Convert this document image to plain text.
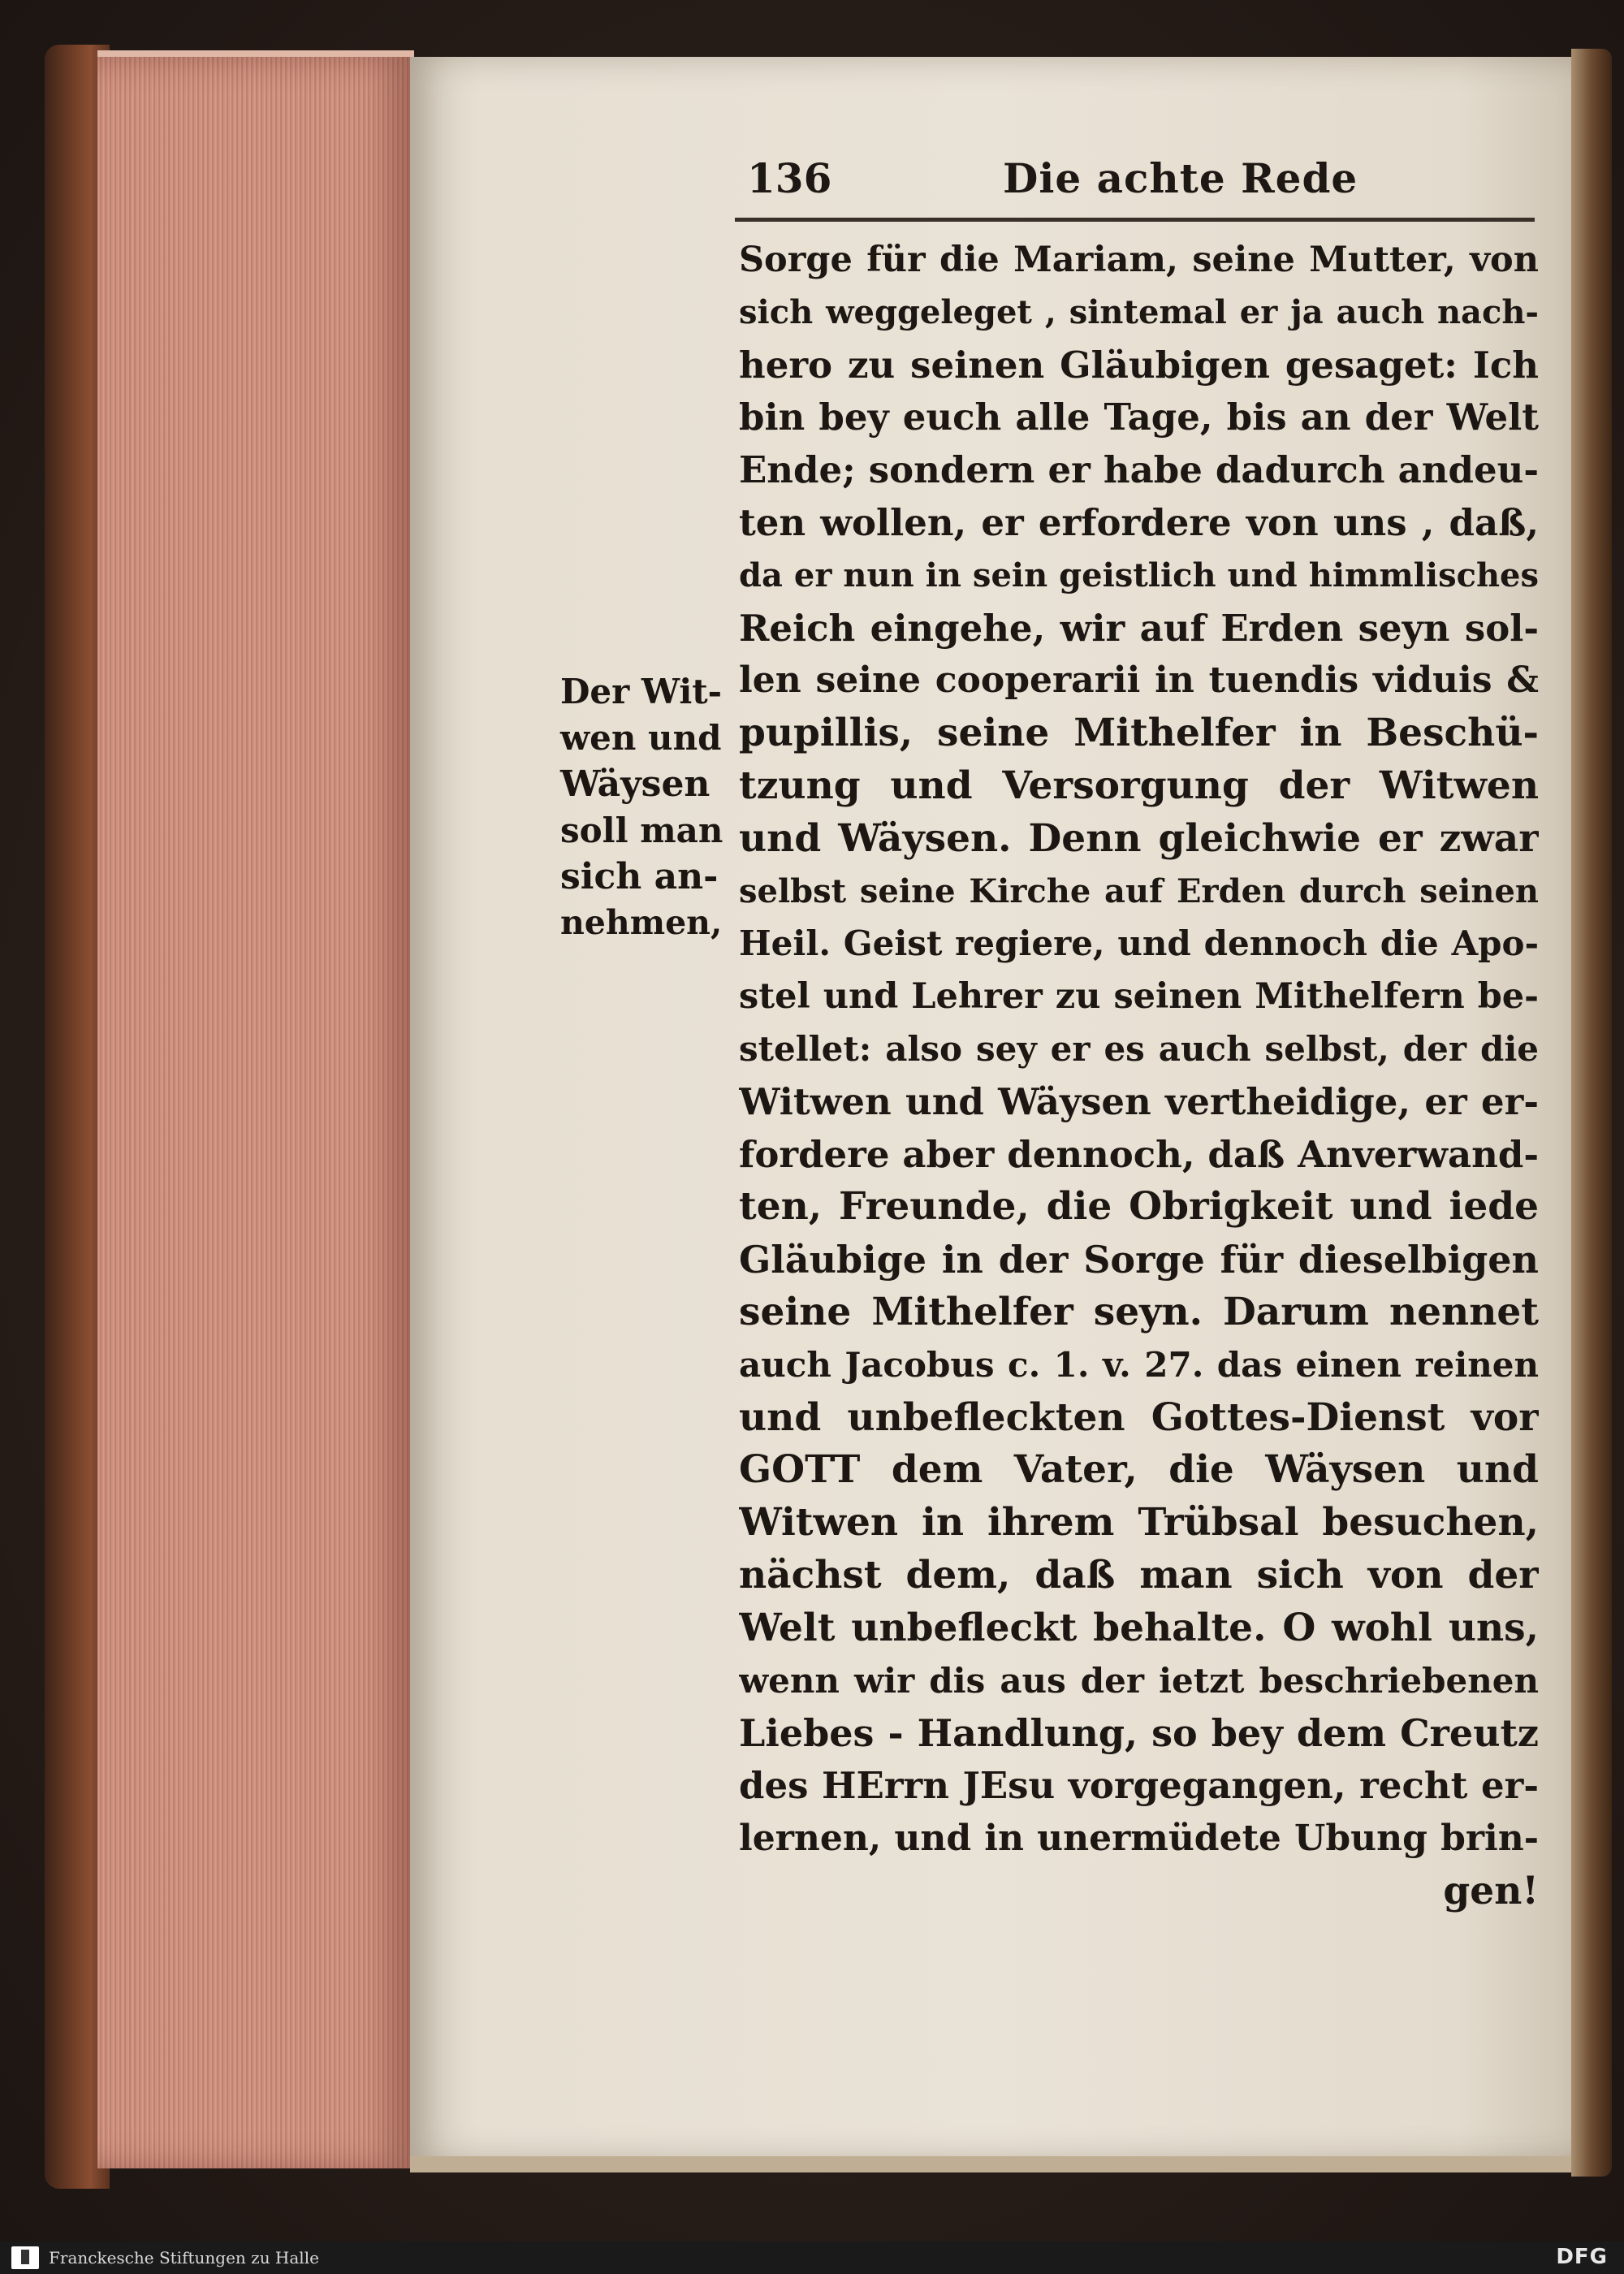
136	Die achte Rede
Der Wit-
wen und
Wäysen
soll man
sich an-
nehmen,
Sorge für die Mariam, seine Mutter, von
sich weggeleget , sintemal er ja auch nach-
hero zu seinen Gläubigen gesaget: Ich
bin bey euch alle Tage, bis an der Welt
Ende; sondern er habe dadurch andeu-
ten wollen, er erfordere von uns , daß,
da er nun in sein geistlich und himmlisches
Reich eingehe, wir auf Erden seyn sol-
len seine cooperarii in tuendis viduis &
pupillis, seine Mithelfer in Beschü-
tzung und Versorgung der Witwen
und Wäysen. Denn gleichwie er zwar
selbst seine Kirche auf Erden durch seinen
Heil. Geist regiere, und dennoch die Apo-
stel und Lehrer zu seinen Mithelfern be-
stellet: also sey er es auch selbst, der die
Witwen und Wäysen vertheidige, er er-
fordere aber dennoch, daß Anverwand-
ten, Freunde, die Obrigkeit und iede
Gläubige in der Sorge für dieselbigen
seine Mithelfer seyn. Darum nennet
auch Jacobus c. 1. v. 27. das einen reinen
und unbefleckten Gottes-Dienst vor
GOTT dem Vater, die Wäysen und
Witwen in ihrem Trübsal besuchen,
nächst dem, daß man sich von der
Welt unbefleckt behalte. O wohl uns,
wenn wir dis aus der ietzt beschriebenen
Liebes - Handlung, so bey dem Creutz
des HErrn JEsu vorgegangen, recht er-
lernen, und in unermüdete Ubung brin-
gen!
Franckesche Stiftungen zu Halle	DFG
